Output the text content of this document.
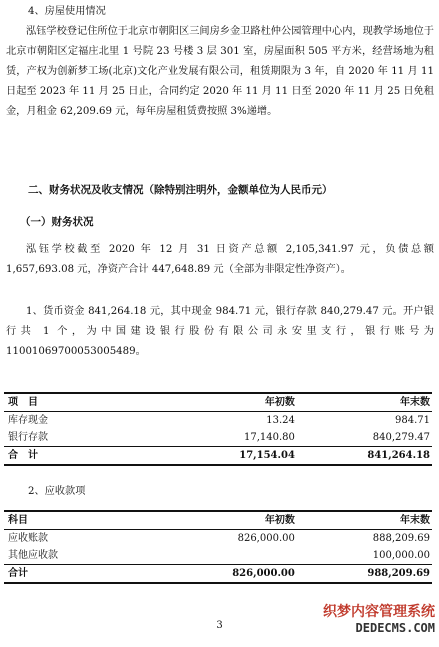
4、房屋使用情况
泓钰学校登记住所位于北京市朝阳区三间房乡金卫路杜仲公园管理中心内，现教学场地位于北京市朝阳区定福庄北里 1 号院 23 号楼 3 层 301 室，房屋面积 505 平方米，经营场地为租赁，产权为创新梦工场(北京)文化产业发展有限公司，租赁期限为 3 年，自 2020 年 11 月 11 日起至 2023 年 11 月 25 日止，合同约定 2020 年 11 月 11 日至 2020 年 11 月 25 日免租金，月租金 62,209.69 元，每年房屋租赁费按照 3%递增。
二、财务状况及收支情况（除特别注明外，金额单位为人民币元）
（一）财务状况
泓钰学校截至 2020 年 12 月 31 日资产总额 2,105,341.97 元，负债总额 1,657,693.08 元，净资产合计 447,648.89 元（全部为非限定性净资产）。
1、货币资金 841,264.18 元，其中现金 984.71 元，银行存款 840,279.47 元。开户银行共 1 个，为中国建设银行股份有限公司永安里支行，银行账号为 11001069700053005489。
项　目	年初数	年末数
库存现金	13.24	984.71
银行存款	17,140.80	840,279.47
合　计	17,154.04	841,264.18
2、应收款项
科目	年初数	年末数
应收账款	826,000.00	888,209.69
其他应收款		100,000.00
合计	826,000.00	988,209.69
3
织梦内容管理系统
DEDECMS.COM
